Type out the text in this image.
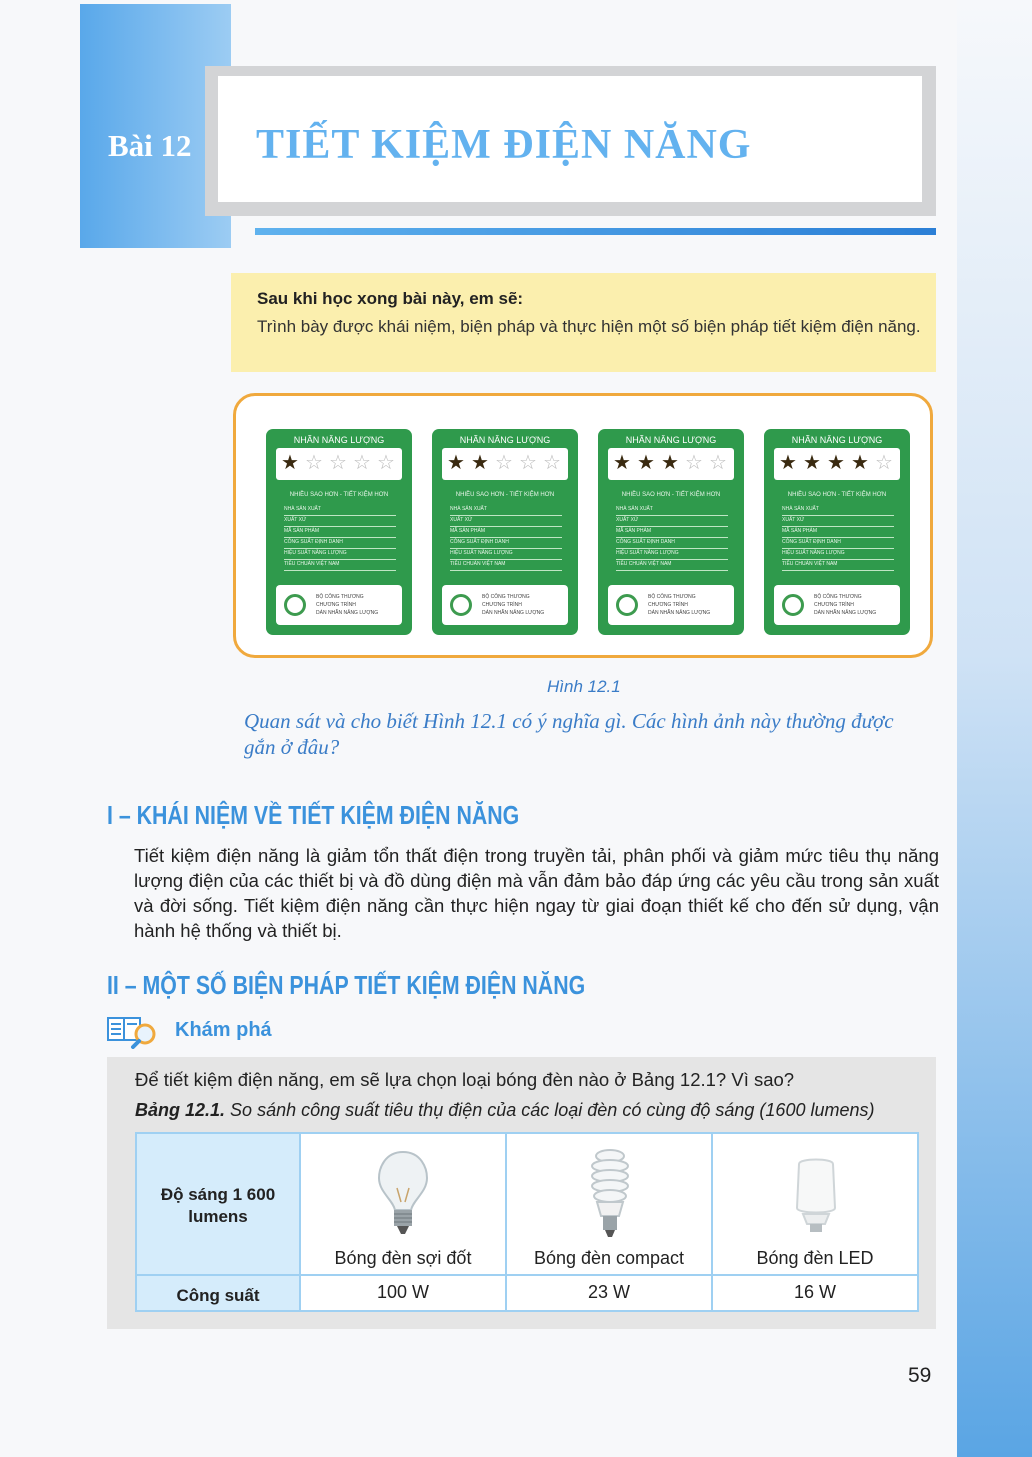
Bài 12 TIẾT KIỆM ĐIỆN NĂNG
Sau khi học xong bài này, em sẽ:
Trình bày được khái niệm, biện pháp và thực hiện một số biện pháp tiết kiệm điện năng.
NHÃN NĂNG LƯỢNG
★ ☆ ☆ ☆ ☆
NHIỀU SAO HƠN - TIẾT KIỆM HƠN
NHÀ SẢN XUẤT
XUẤT XỨ
MÃ SẢN PHẨM
CÔNG SUẤT ĐỊNH DANH
HIỆU SUẤT NĂNG LƯỢNG
TIÊU CHUẨN VIỆT NAM
BỘ CÔNG THƯƠNG
CHƯƠNG TRÌNH
DÁN NHÃN NĂNG LƯỢNG
NHÃN NĂNG LƯỢNG
★ ★ ☆ ☆ ☆
NHIỀU SAO HƠN - TIẾT KIỆM HƠN
NHÀ SẢN XUẤT
XUẤT XỨ
MÃ SẢN PHẨM
CÔNG SUẤT ĐỊNH DANH
HIỆU SUẤT NĂNG LƯỢNG
TIÊU CHUẨN VIỆT NAM
BỘ CÔNG THƯƠNG
CHƯƠNG TRÌNH
DÁN NHÃN NĂNG LƯỢNG
NHÃN NĂNG LƯỢNG
★ ★ ★ ☆ ☆
NHIỀU SAO HƠN - TIẾT KIỆM HƠN
NHÀ SẢN XUẤT
XUẤT XỨ
MÃ SẢN PHẨM
CÔNG SUẤT ĐỊNH DANH
HIỆU SUẤT NĂNG LƯỢNG
TIÊU CHUẨN VIỆT NAM
BỘ CÔNG THƯƠNG
CHƯƠNG TRÌNH
DÁN NHÃN NĂNG LƯỢNG
NHÃN NĂNG LƯỢNG
★ ★ ★ ★ ☆
NHIỀU SAO HƠN - TIẾT KIỆM HƠN
NHÀ SẢN XUẤT
XUẤT XỨ
MÃ SẢN PHẨM
CÔNG SUẤT ĐỊNH DANH
HIỆU SUẤT NĂNG LƯỢNG
TIÊU CHUẨN VIỆT NAM
BỘ CÔNG THƯƠNG
CHƯƠNG TRÌNH
DÁN NHÃN NĂNG LƯỢNG
Hình 12.1
Quan sát và cho biết Hình 12.1 có ý nghĩa gì. Các hình ảnh này thường được gắn ở đâu?
I – KHÁI NIỆM VỀ TIẾT KIỆM ĐIỆN NĂNG
Tiết kiệm điện năng là giảm tổn thất điện trong truyền tải, phân phối và giảm mức tiêu thụ năng lượng điện của các thiết bị và đồ dùng điện mà vẫn đảm bảo đáp ứng các yêu cầu trong sản xuất và đời sống. Tiết kiệm điện năng cần thực hiện ngay từ giai đoạn thiết kế cho đến sử dụng, vận hành hệ thống và thiết bị.
II – MỘT SỐ BIỆN PHÁP TIẾT KIỆM ĐIỆN NĂNG
Khám phá
Để tiết kiệm điện năng, em sẽ lựa chọn loại bóng đèn nào ở Bảng 12.1? Vì sao?
Bảng 12.1. So sánh công suất tiêu thụ điện của các loại đèn có cùng độ sáng (1600 lumens)
Độ sáng 1 600 lumens
Công suất
Bóng đèn sợi đốt
100 W
Bóng đèn compact
23 W
Bóng đèn LED
16 W
59
